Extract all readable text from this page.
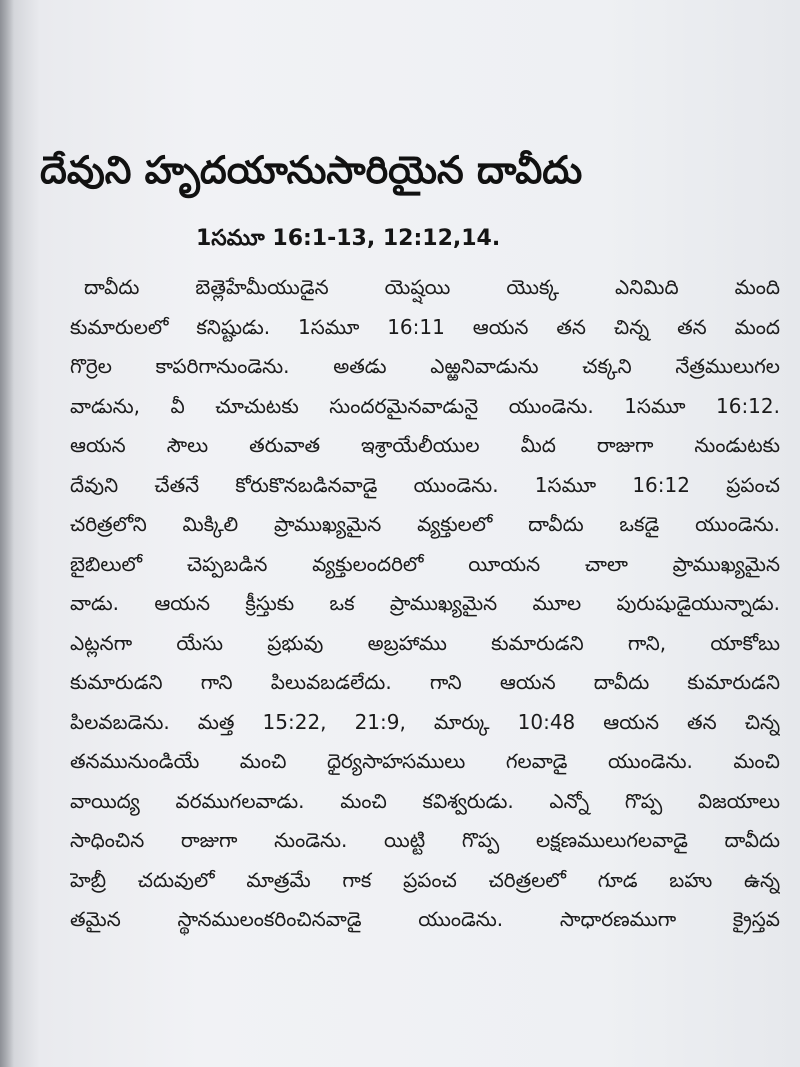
దేవుని హృదయానుసారియైన దావీదు
1సమూ 16:1-13, 12:12,14.
దావీదు బెత్లెహేమీయుడైన యెష్షయి యొక్క ఎనిమిది మంది
కుమారులలో కనిష్టుడు. 1సమూ 16:11 ఆయన తన చిన్న తన మంద
గొర్రెల కాపరిగానుండెను. అతడు ఎఱ్ఱనివాడును చక్కని నేత్రములుగల
వాడును, వీ చూచుటకు సుందరమైనవాడునై యుండెను. 1సమూ 16:12.
ఆయన సౌలు తరువాత ఇశ్రాయేలీయుల మీద రాజుగా నుండుటకు
దేవుని చేతనే కోరుకొనబడినవాడై యుండెను. 1సమూ 16:12 ప్రపంచ
చరిత్రలోని మిక్కిలి ప్రాముఖ్యమైన వ్యక్తులలో దావీదు ఒకడై యుండెను.
బైబిలులో చెప్పబడిన వ్యక్తులందరిలో యీయన చాలా ప్రాముఖ్యమైన
వాడు. ఆయన క్రీస్తుకు ఒక ప్రాముఖ్యమైన మూల పురుషుడైయున్నాడు.
ఎట్లనగా యేసు ప్రభువు అబ్రహాము కుమారుడని గాని, యాకోబు
కుమారుడని గాని పిలువబడలేదు. గాని ఆయన దావీదు కుమారుడని
పిలవబడెను. మత్త 15:22, 21:9, మార్కు 10:48 ఆయన తన చిన్న
తనమునుండియే మంచి ధైర్యసాహసములు గలవాడై యుండెను. మంచి
వాయిద్య వరముగలవాడు. మంచి కవిశ్వరుడు. ఎన్నో గొప్ప విజయాలు
సాధించిన రాజుగా నుండెను. యిట్టి గొప్ప లక్షణములుగలవాడై దావీదు
హెబ్రీ చదువులో మాత్రమే గాక ప్రపంచ చరిత్రలలో గూడ బహు ఉన్న
తమైన స్థానములంకరించినవాడై యుండెను. సాధారణముగా క్రైస్తవ
